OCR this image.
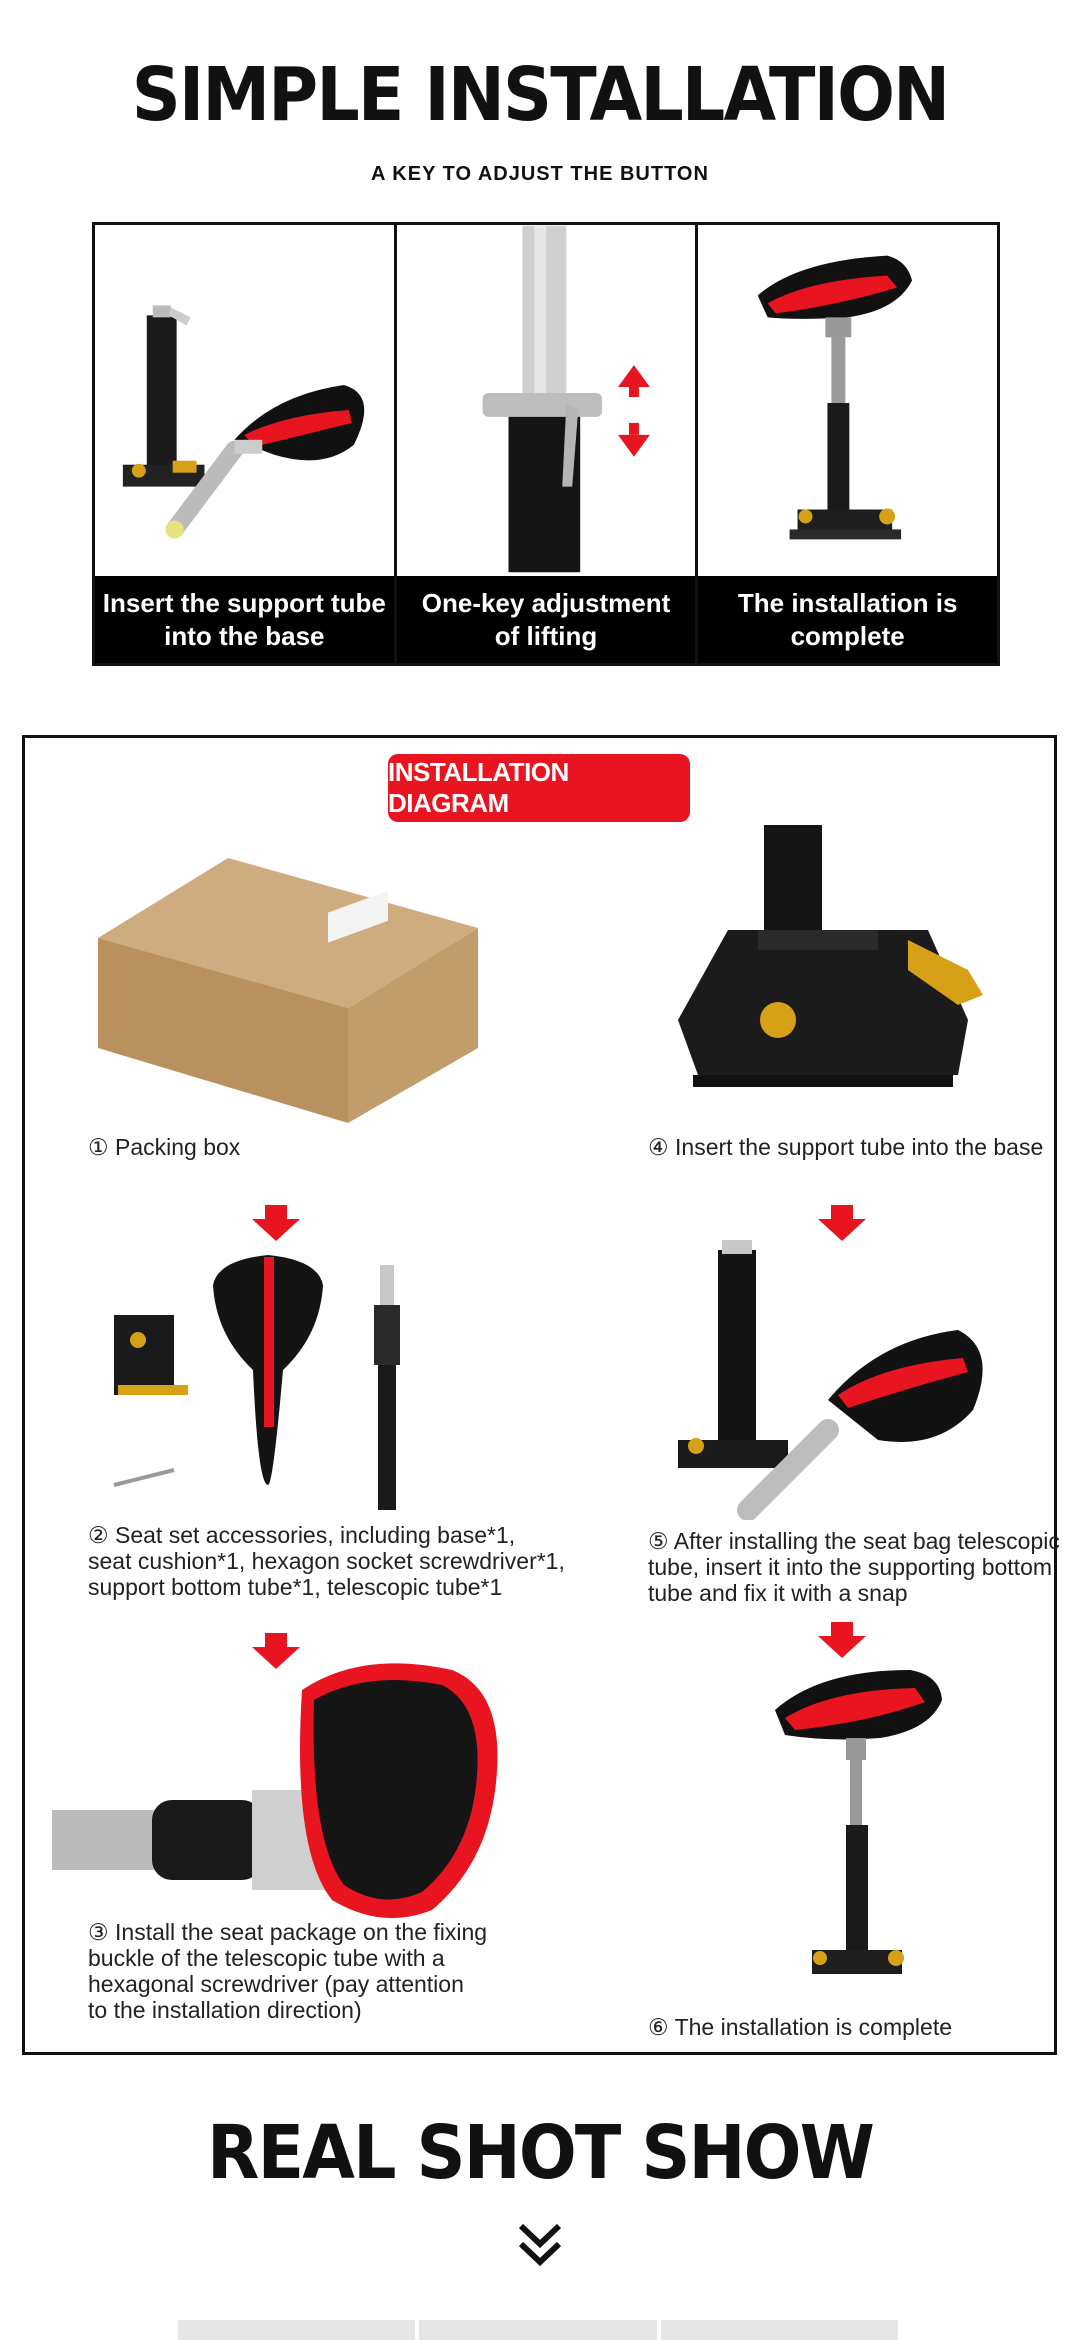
SIMPLE INSTALLATION
A KEY TO ADJUST THE BUTTON
Insert the support tube
into the base
One-key adjustment
of lifting
The installation is
complete
INSTALLATION DIAGRAM
① Packing box
② Seat set accessories, including base*1,
seat cushion*1, hexagon socket screwdriver*1,
support bottom tube*1, telescopic tube*1
③ Install the seat package on the fixing
buckle of the telescopic tube with a
hexagonal screwdriver (pay attention
to the installation direction)
④ Insert the support tube into the base
⑤ After installing the seat bag telescopic
tube, insert it into the supporting bottom
tube and fix it with a snap
⑥ The installation is complete
REAL SHOT SHOW
